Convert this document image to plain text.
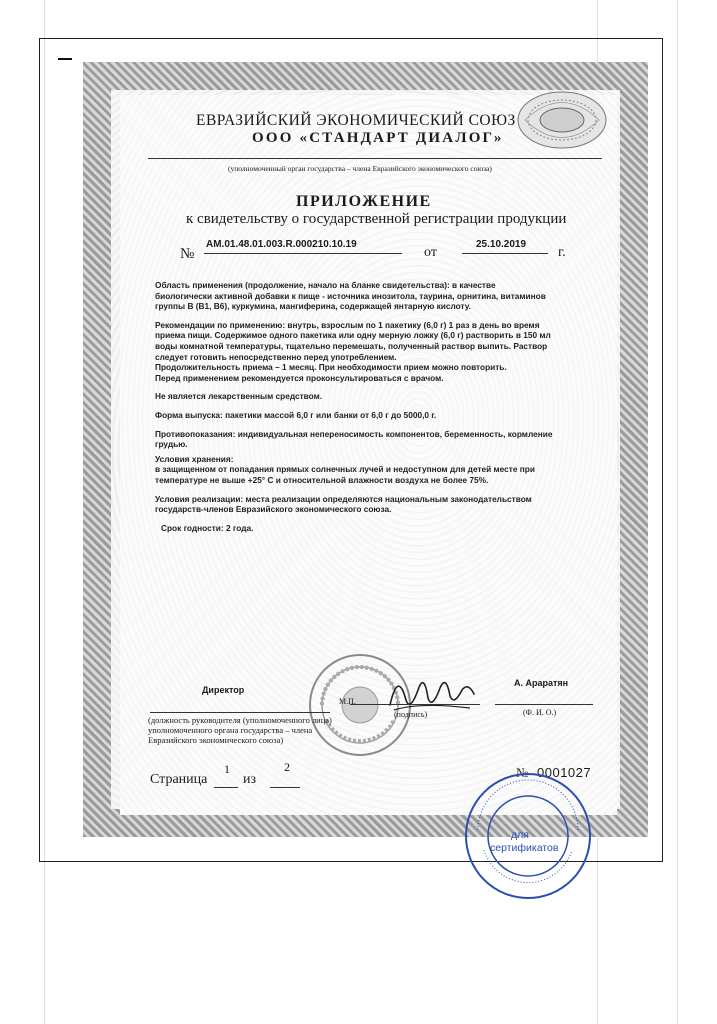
ЕВРАЗИЙСКИЙ ЭКОНОМИЧЕСКИЙ СОЮЗ
ООО «СТАНДАРТ ДИАЛОГ»
(уполномоченный орган государства – члена Евразийского экономического союза)
ПРИЛОЖЕНИЕ
к свидетельству о государственной регистрации продукции
№
AM.01.48.01.003.R.000210.10.19
от
25.10.2019
г.

Область применения (продолжение, начало на бланке свидетельства): в качестве

биологически активной добавки к пище - источника инозитола, таурина, орнитина, витаминов

группы В (В1, В6), куркумина, мангиферина, содержащей янтарную кислоту.

Рекомендации по применению: внутрь, взрослым по 1 пакетику (6,0 г) 1 раз в день во время

приема пищи. Содержимое одного пакетика или одну мерную ложку (6,0 г) растворить в 150 мл

воды комнатной температуры, тщательно перемешать, полученный раствор выпить. Раствор

следует готовить непосредственно перед употреблением.

Продолжительность приема – 1 месяц. При необходимости прием можно повторить.

Перед применением рекомендуется проконсультироваться с врачом.

Не является лекарственным средством.

Форма выпуска: пакетики массой 6,0 г или банки от 6,0 г до 5000,0 г.

Противопоказания: индивидуальная непереносимость компонентов, беременность, кормление

грудью.

Условия хранения:

в защищенном от попадания прямых солнечных лучей и недоступном для детей месте при

температуре не выше +25° С и относительной влажности воздуха не более 75%.

Условия реализации: места реализации определяются национальным законодательством

государств-членов Евразийского экономического союза.

Срок годности: 2 года.

Директор
А. Араратян
М.П.
(подпись)	(Ф. И. О.)
(должность руководителя (уполномоченного лица) уполномоченного органа государства – члена Евразийского экономического союза)
Страница
1
из
2	№ 0001027
для
сертификатов
